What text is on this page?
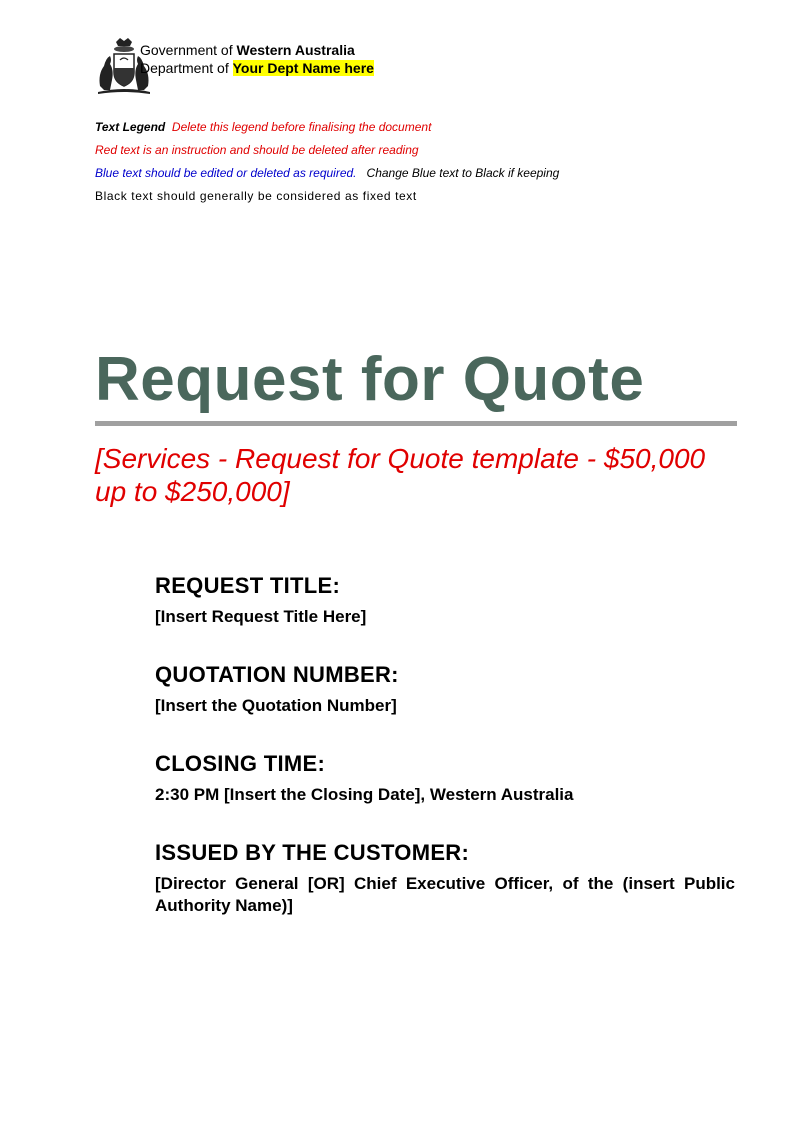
Government of Western Australia
Department of Your Dept Name here
Text Legend Delete this legend before finalising the document
Red text is an instruction and should be deleted after reading
Blue text should be edited or deleted as required. Change Blue text to Black if keeping
Black text should generally be considered as fixed text
Request for Quote
[Services - Request for Quote template - $50,000 up to $250,000]
REQUEST TITLE:
[Insert Request Title Here]
QUOTATION NUMBER:
[Insert the Quotation Number]
CLOSING TIME:
2:30 PM [Insert the Closing Date], Western Australia
ISSUED BY THE CUSTOMER:
[Director General [OR] Chief Executive Officer, of the (insert Public Authority Name)]
